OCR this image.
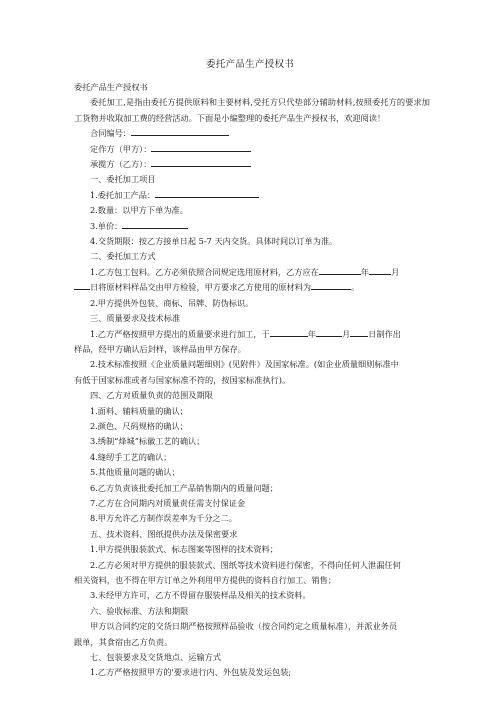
委托产品生产授权书
委托产品生产授权书
委托加工,是指由委托方提供原料和主要材料,受托方只代垫部分辅助材料,按照委托方的要求加工货物并收取加工费的经营活动。下面是小编整理的委托产品生产授权书，欢迎阅读！
合同编号：
定作方（甲方）：
承揽方（乙方）：
一、委托加工项目
1.委托加工产品：
2.数量：以甲方下单为准。
3.单价：
4.交货期限：按乙方接单日起 5-7 天内交货。具体时间以订单为准。
二、委托加工方式
1.乙方包工包料。乙方必须依照合同规定选用原材料，乙方应在	年	月
日将原材料样品交由甲方检验，甲方要求乙方使用的原材料为	。
2.甲方提供外包装、商标、吊牌、防伪标识。
三、质量要求及技术标准
1.乙方严格按照甲方提出的质量要求进行加工，于	年	月 日制作出
样品，经甲方确认后封样，该样品由甲方保存。
2.技术标准按照《企业质量问题细则》(见附件）及国家标准。(如企业质量细则标准中
有低于国家标准或者与国家标准不符的，按国家标准执行)。
四、乙方对质量负责的范围及期限
1.面料、辅料质量的确认；
2.颜色、尺码规格的确认；
3.绣制“烽城”标徽工艺的确认；
4.缝纫手工艺的确认；
5.其他质量问题的确认；
6.乙方负责该批委托加工产品销售期内的质量问题；
7.乙方在合同期内对质量责任需支付保证金
8.甲方允许乙方制作误差率为千分之二。
五、技术资料、图纸提供办法及保密要求
1.甲方提供服装款式、标志图案等图样的技术资料；
2.乙方必须对甲方提供的服装款式、图纸等技术资料进行保密，不得向任何人泄漏任何
相关资料，也不得在甲方订单之外利用甲方提供的资料自行加工、销售；
3.未经甲方许可，乙方不得留存服装样品及相关的技术资料。
六、验收标准、方法和期限
甲方以合同约定的交货日期严格按照样品验收（按合同约定之质量标准），并派业务员
跟单，其食宿由乙方负责。
七、包装要求及交货地点、运输方式
1.乙方严格按照甲方的'要求进行内、外包装及发运包装;
